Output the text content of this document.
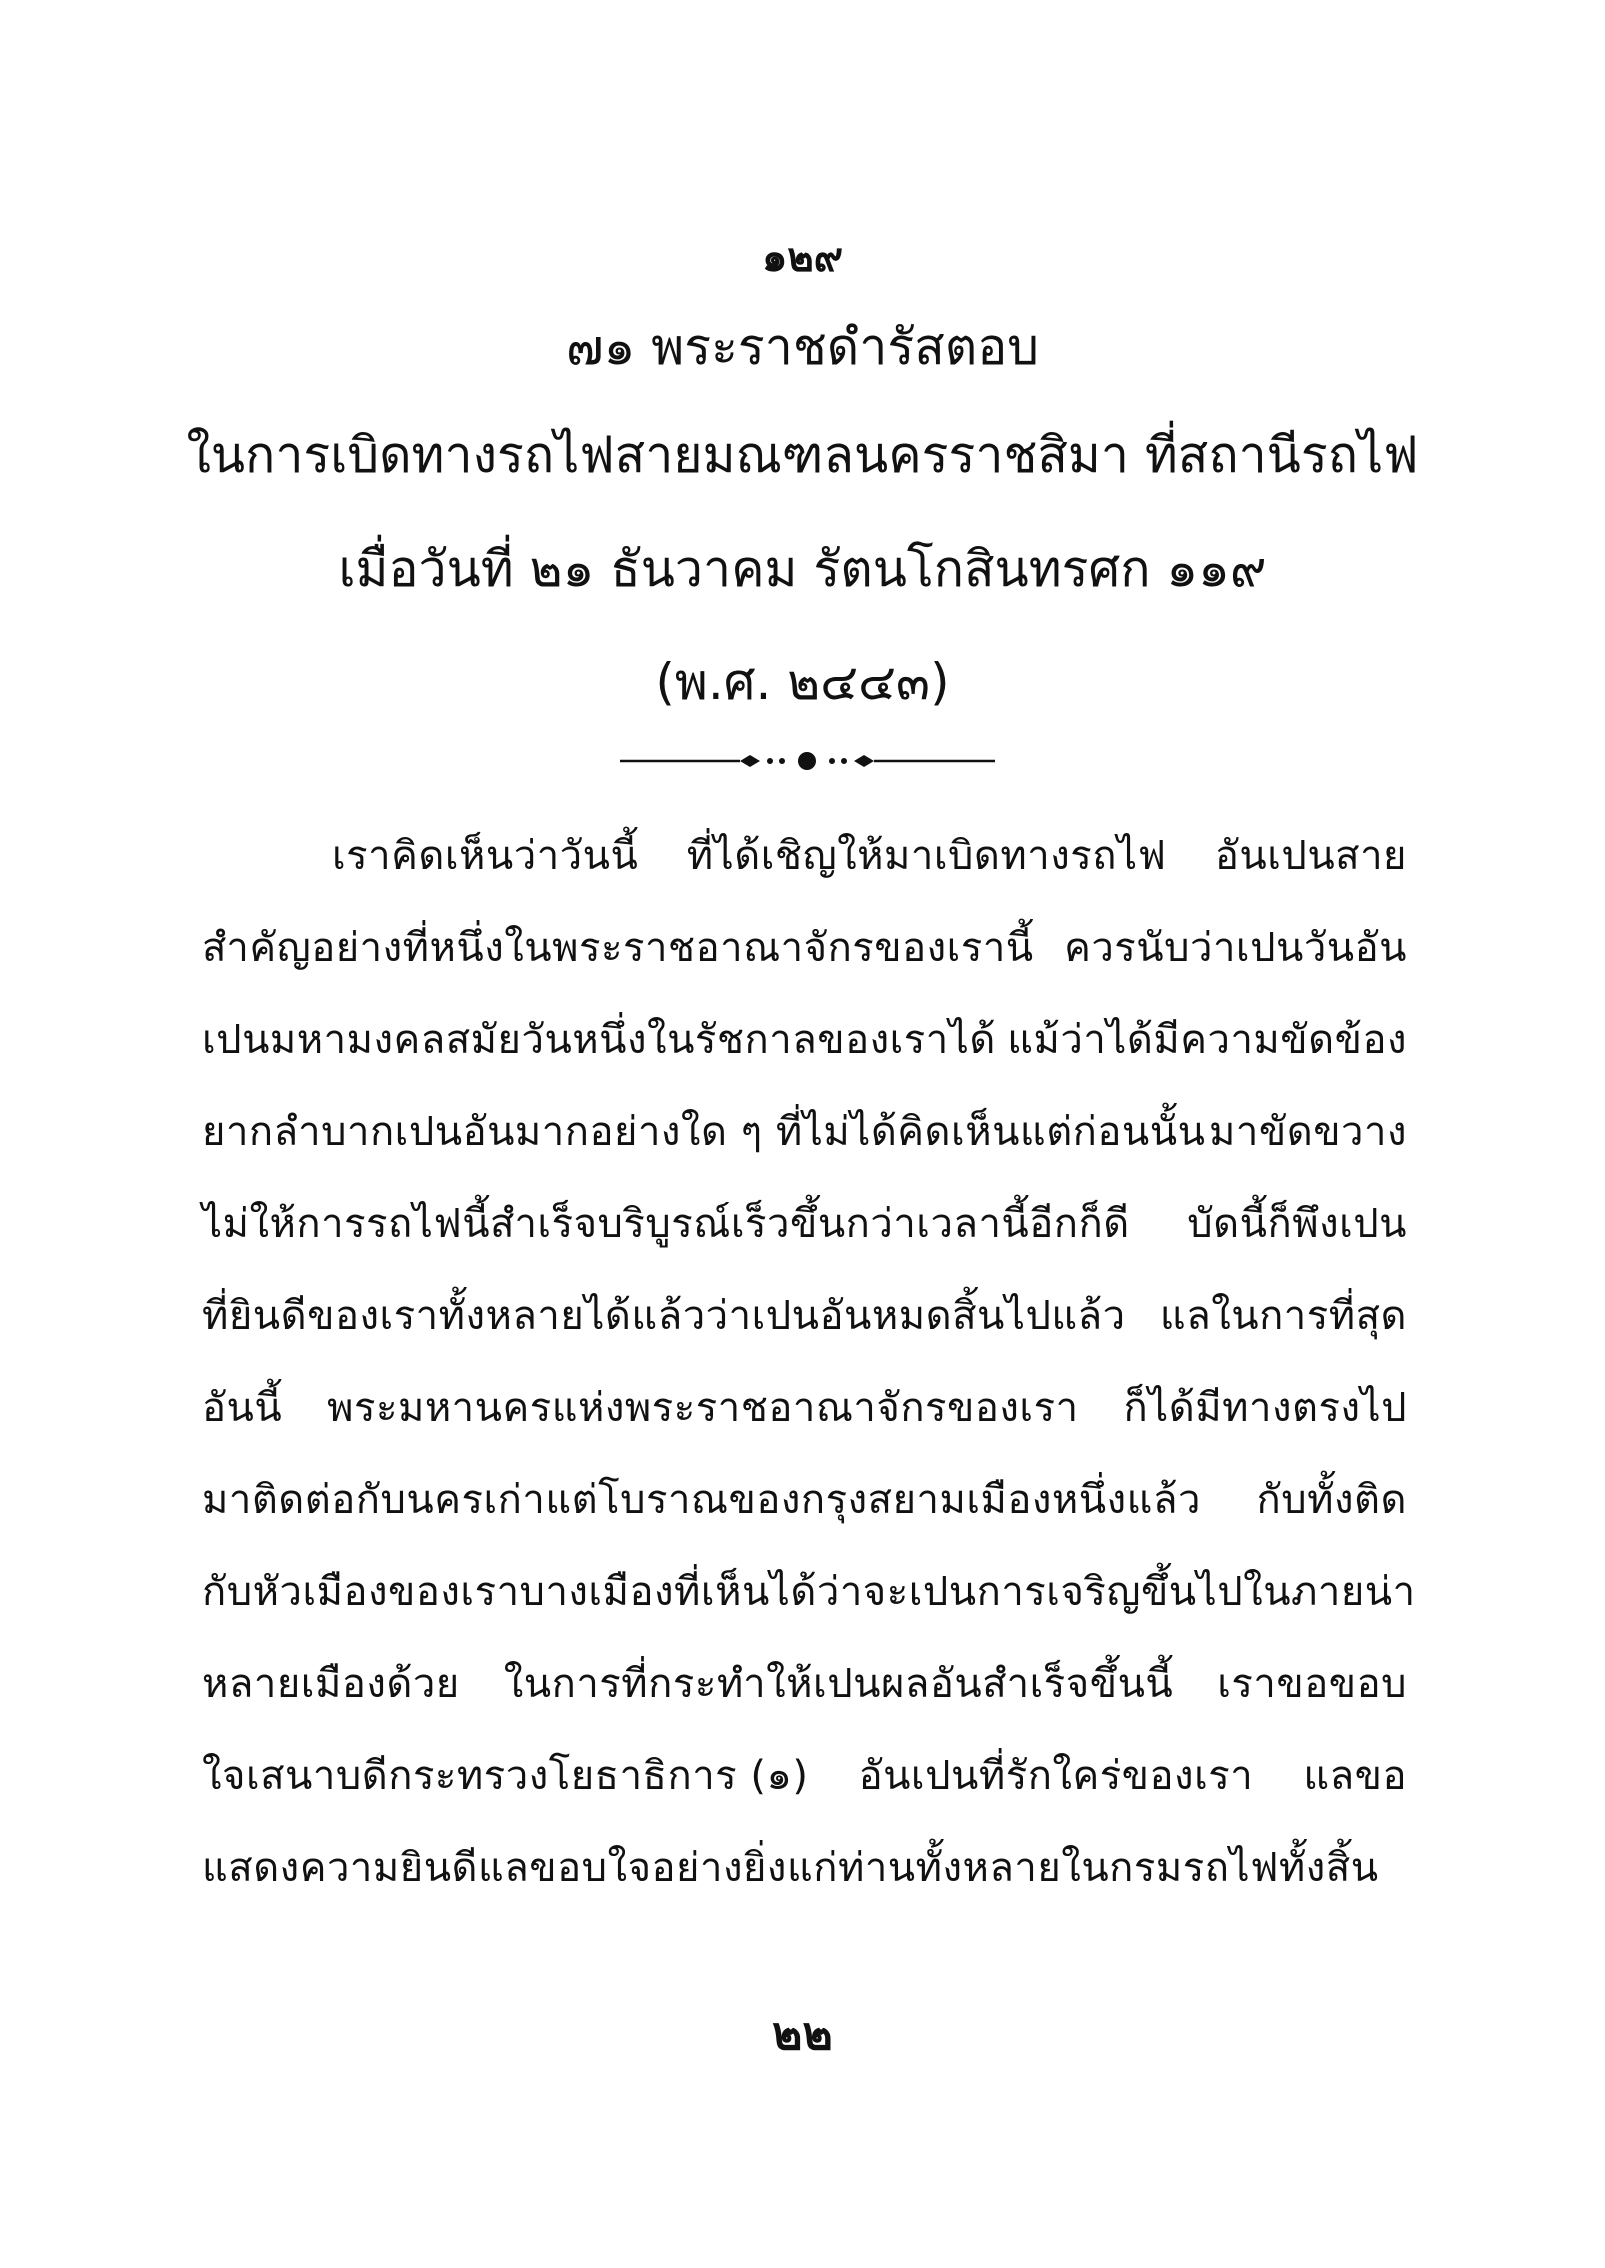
๑๒๙
๗๑ พระราชดำรัสตอบ
ในการเบิดทางรถไฟสายมณฑลนครราชสิมา ที่สถานีรถไฟ
เมื่อวันที่ ๒๑ ธันวาคม รัตนโกสินทรศก ๑๑๙
(พ.ศ. ๒๔๔๓)
เราคิดเห็นว่าวันนี้ ที่ได้เชิญให้มาเบิดทางรถไฟ อันเปนสาย
สำคัญอย่างที่หนึ่งในพระราชอาณาจักรของเรานี้ ควรนับว่าเปนวันอัน
เปนมหามงคลสมัยวันหนึ่งในรัชกาลของเราได้ แม้ว่าได้มีความขัดข้อง
ยากลำบากเปนอันมากอย่างใด ๆ ที่ไม่ได้คิดเห็นแต่ก่อนนั้น มาขัดขวาง
ไม่ให้การรถไฟนี้สำเร็จบริบูรณ์เร็วขึ้นกว่าเวลานี้อีกก็ดี บัดนี้ก็พึงเปน
ที่ยินดีของเราทั้งหลายได้แล้วว่าเปนอันหมดสิ้นไปแล้ว แลในการที่สุด
อันนี้ พระมหานครแห่งพระราชอาณาจักรของเรา ก็ได้มีทางตรงไป
มาติดต่อกับนครเก่าแต่โบราณของกรุงสยามเมืองหนึ่งแล้ว กับทั้งติด
กับหัวเมืองของเราบางเมือง ที่เห็นได้ว่าจะเปนการเจริญขึ้นไปในภายน่า
หลายเมืองด้วย ในการที่กระทำให้เปนผลอันสำเร็จขึ้นนี้ เราขอขอบ
ใจเสนาบดีกระทรวงโยธาธิการ (๑) อันเปนที่รักใคร่ของเรา แลขอ
แสดงความยินดีแลขอบใจอย่างยิ่งแก่ท่านทั้งหลายในกรมรถไฟทั้งสิ้น
๒๒
